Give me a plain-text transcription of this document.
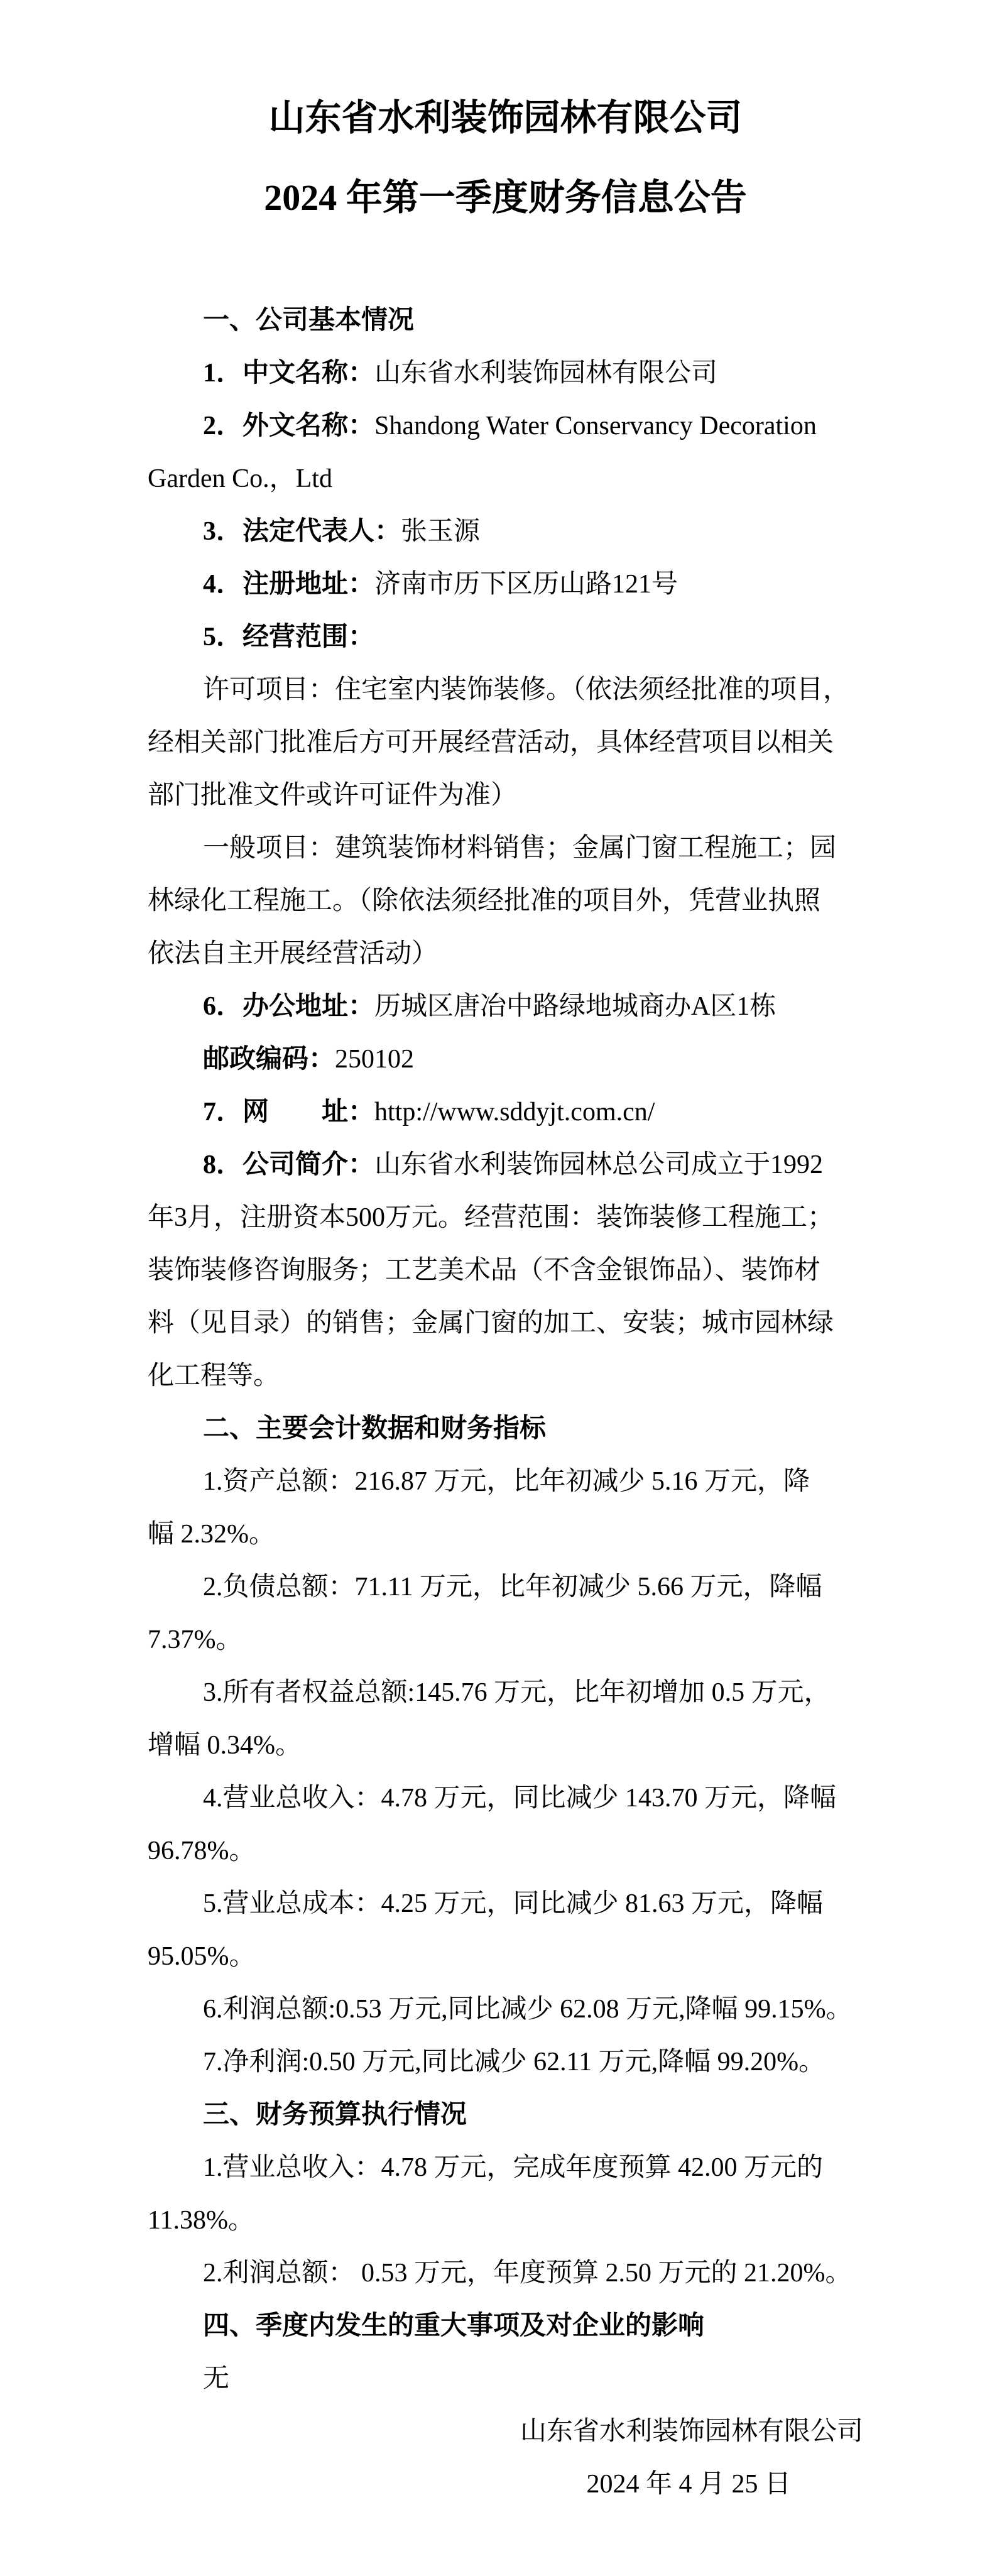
山东省水利装饰园林有限公司
2024 年第一季度财务信息公告

一、公司基本情况

1．中文名称：山东省水利装饰园林有限公司

2．外文名称：Shandong Water Conservancy Decoration

Garden Co.，Ltd

3．法定代表人：张玉源

4．注册地址：济南市历下区历山路121号

5．经营范围：

许可项目：住宅室内装饰装修。（依法须经批准的项目，

经相关部门批准后方可开展经营活动，具体经营项目以相关

部门批准文件或许可证件为准）

一般项目：建筑装饰材料销售；金属门窗工程施工；园

林绿化工程施工。（除依法须经批准的项目外，凭营业执照

依法自主开展经营活动）

6．办公地址：历城区唐冶中路绿地城商办A区1栋

邮政编码：250102

7．网　　址：http://www.sddyjt.com.cn/

8．公司简介：山东省水利装饰园林总公司成立于1992

年3月，注册资本500万元。经营范围：装饰装修工程施工；

装饰装修咨询服务；工艺美术品（不含金银饰品）、装饰材

料（见目录）的销售；金属门窗的加工、安装；城市园林绿

化工程等。

二、主要会计数据和财务指标

1.资产总额：216.87 万元，比年初减少 5.16 万元，降

幅 2.32%。

2.负债总额：71.11 万元，比年初减少 5.66 万元，降幅

7.37%。

3.所有者权益总额:145.76 万元，比年初增加 0.5 万元，

增幅 0.34%。

4.营业总收入：4.78 万元，同比减少 143.70 万元，降幅

96.78%。

5.营业总成本：4.25 万元，同比减少 81.63 万元，降幅

95.05%。

6.利润总额:0.53 万元,同比减少 62.08 万元,降幅 99.15%。

7.净利润:0.50 万元,同比减少 62.11 万元,降幅 99.20%。

三、财务预算执行情况

1.营业总收入：4.78 万元，完成年度预算 42.00 万元的

11.38%。

2.利润总额： 0.53 万元，年度预算 2.50 万元的 21.20%。

四、季度内发生的重大事项及对企业的影响

无

山东省水利装饰园林有限公司

2024 年 4 月 25 日
